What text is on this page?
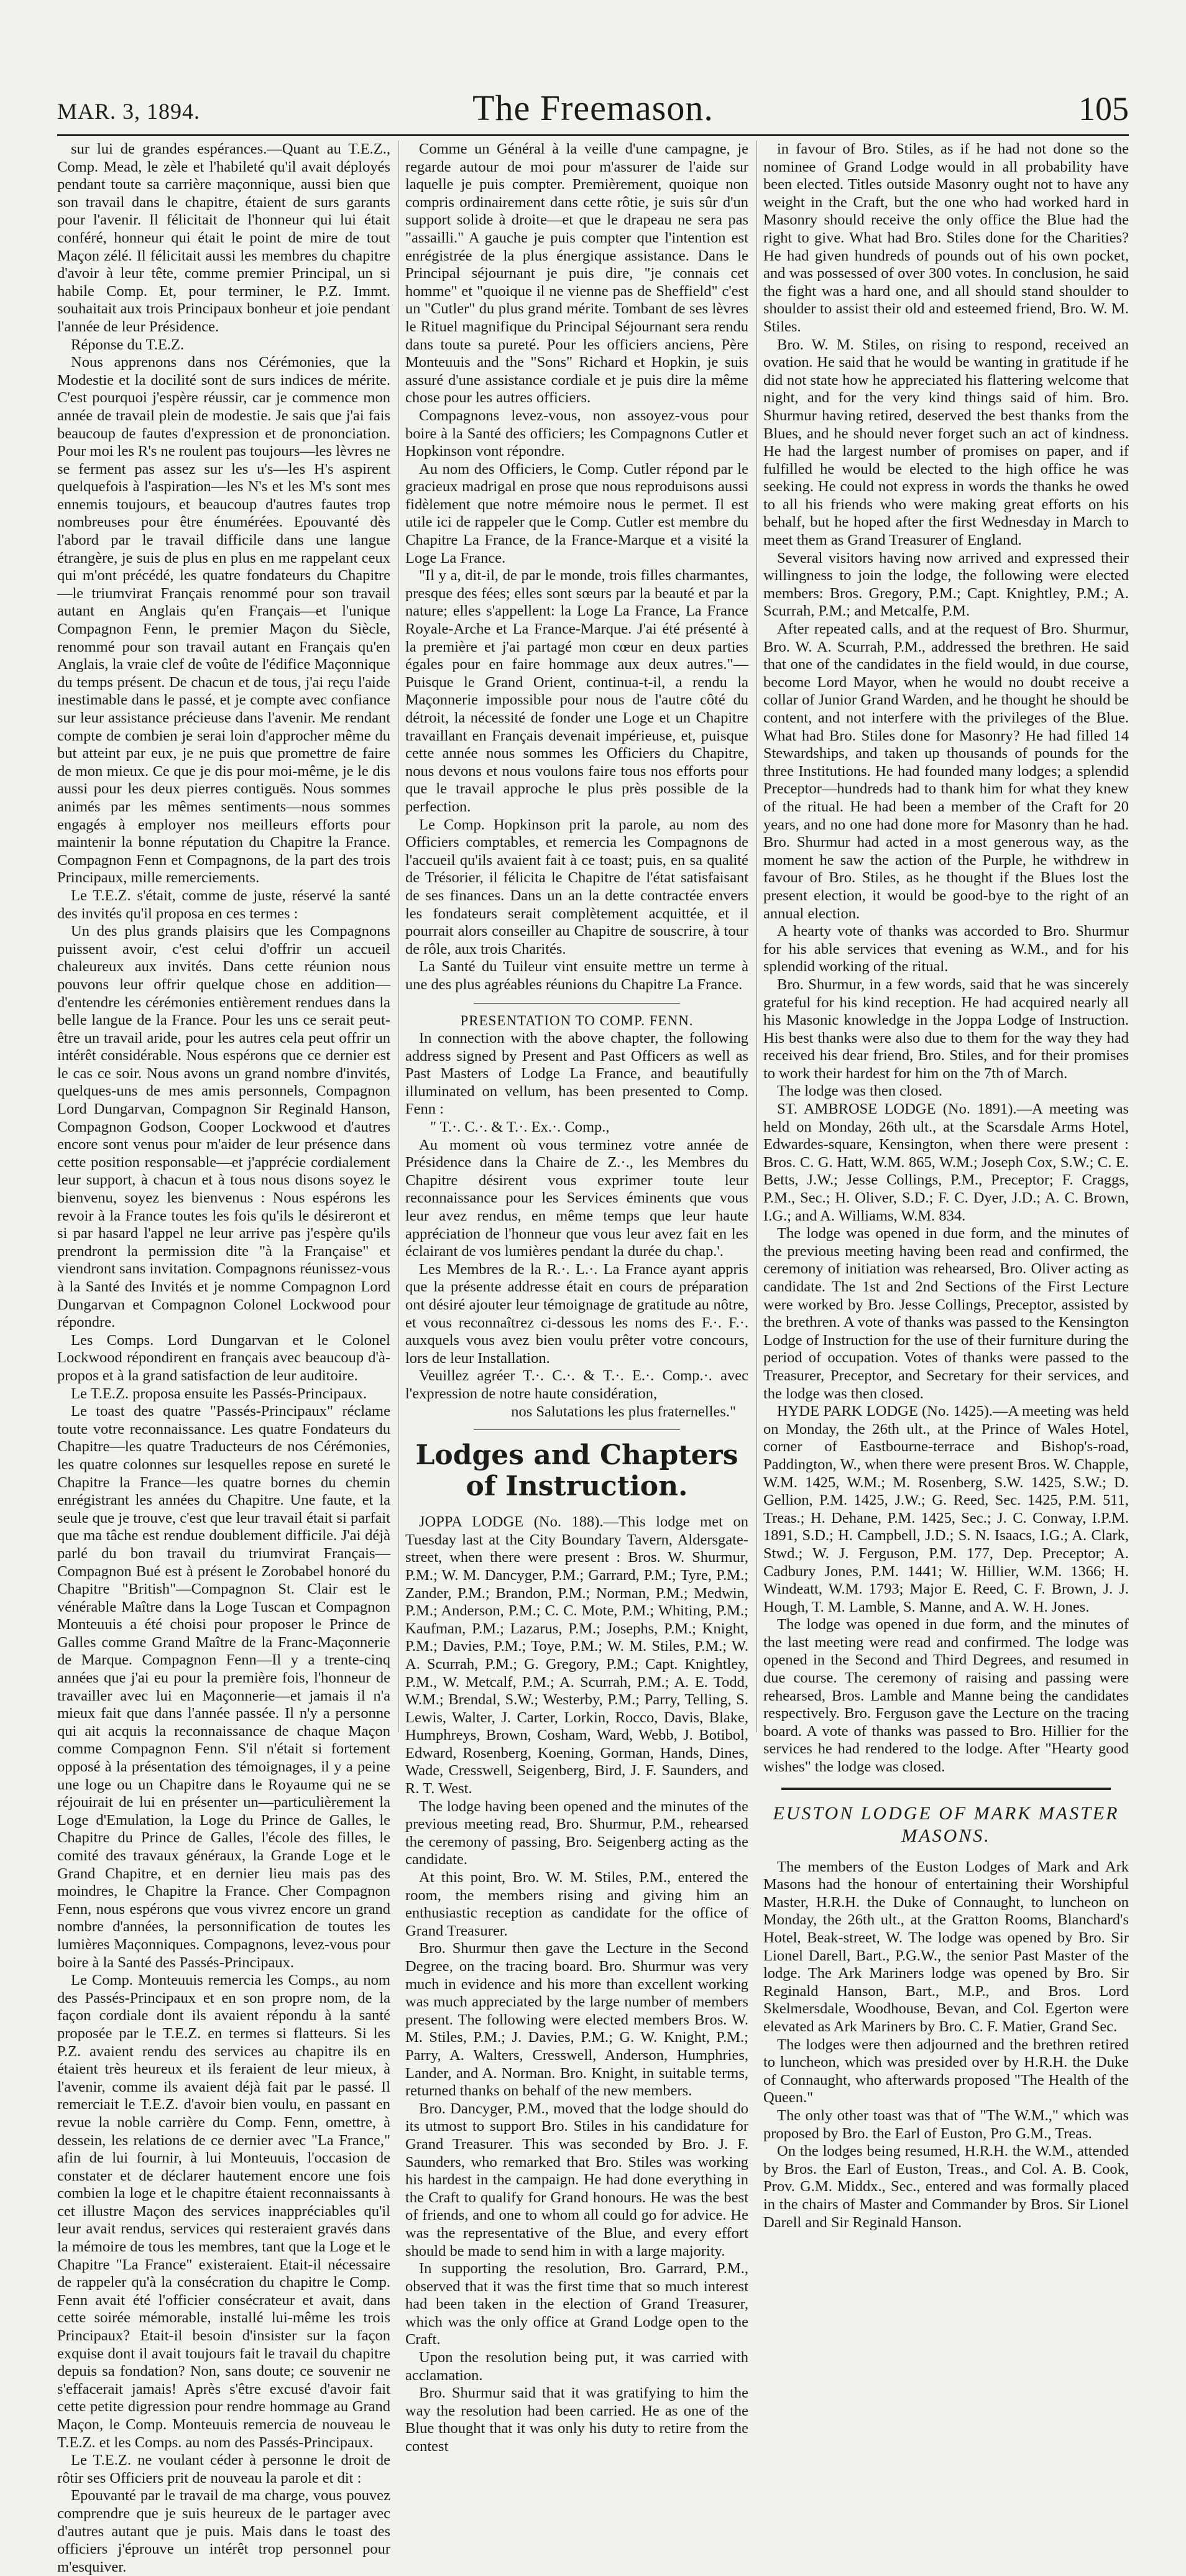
MAR. 3, 1894.	The Freemason.	105

sur lui de grandes espérances.—Quant au T.E.Z., Comp. Mead, le zèle et l'habileté qu'il avait déployés pendant toute sa carrière maçonnique, aussi bien que son travail dans le chapitre, étaient de surs garants pour l'avenir. Il félicitait de l'honneur qui lui était conféré, honneur qui était le point de mire de tout Maçon zélé. Il félicitait aussi les membres du chapitre d'avoir à leur tête, comme premier Principal, un si habile Comp. Et, pour terminer, le P.Z. Immt. souhaitait aux trois Principaux bonheur et joie pendant l'année de leur Présidence.

Réponse du T.E.Z.

Nous apprenons dans nos Cérémonies, que la Modestie et la docilité sont de surs indices de mérite. C'est pourquoi j'espère réussir, car je commence mon année de travail plein de modestie. Je sais que j'ai fais beaucoup de fautes d'expression et de prononciation. Pour moi les R's ne roulent pas toujours—les lèvres ne se ferment pas assez sur les u's—les H's aspirent quelquefois à l'aspiration—les N's et les M's sont mes ennemis toujours, et beaucoup d'autres fautes trop nombreuses pour être énumérées. Epouvanté dès l'abord par le travail difficile dans une langue étrangère, je suis de plus en plus en me rappelant ceux qui m'ont précédé, les quatre fondateurs du Chapitre—le triumvirat Français renommé pour son travail autant en Anglais qu'en Français—et l'unique Compagnon Fenn, le premier Maçon du Siècle, renommé pour son travail autant en Français qu'en Anglais, la vraie clef de voûte de l'édifice Maçonnique du temps présent. De chacun et de tous, j'ai reçu l'aide inestimable dans le passé, et je compte avec confiance sur leur assistance précieuse dans l'avenir. Me rendant compte de combien je serai loin d'approcher même du but atteint par eux, je ne puis que promettre de faire de mon mieux. Ce que je dis pour moi-même, je le dis aussi pour les deux pierres contiguës. Nous sommes animés par les mêmes sentiments—nous sommes engagés à employer nos meilleurs efforts pour maintenir la bonne réputation du Chapitre la France. Compagnon Fenn et Compagnons, de la part des trois Principaux, mille remerciements.

Le T.E.Z. s'était, comme de juste, réservé la santé des invités qu'il proposa en ces termes :

Un des plus grands plaisirs que les Compagnons puissent avoir, c'est celui d'offrir un accueil chaleureux aux invités. Dans cette réunion nous pouvons leur offrir quelque chose en addition—d'entendre les cérémonies entièrement rendues dans la belle langue de la France. Pour les uns ce serait peut-être un travail aride, pour les autres cela peut offrir un intérêt considérable. Nous espérons que ce dernier est le cas ce soir. Nous avons un grand nombre d'invités, quelques-uns de mes amis personnels, Compagnon Lord Dungarvan, Compagnon Sir Reginald Hanson, Compagnon Godson, Cooper Lockwood et d'autres encore sont venus pour m'aider de leur présence dans cette position responsable—et j'apprécie cordialement leur support, à chacun et à tous nous disons soyez le bienvenu, soyez les bienvenus : Nous espérons les revoir à la France toutes les fois qu'ils le désireront et si par hasard l'appel ne leur arrive pas j'espère qu'ils prendront la permission dite "à la Française" et viendront sans invitation. Compagnons réunissez-vous à la Santé des Invités et je nomme Compagnon Lord Dungarvan et Compagnon Colonel Lockwood pour répondre.

Les Comps. Lord Dungarvan et le Colonel Lockwood répondirent en français avec beaucoup d'à-propos et à la grand satisfaction de leur auditoire.

Le T.E.Z. proposa ensuite les Passés-Principaux.

Le toast des quatre "Passés-Principaux" réclame toute votre reconnaissance. Les quatre Fondateurs du Chapitre—les quatre Traducteurs de nos Cérémonies, les quatre colonnes sur lesquelles repose en sureté le Chapitre la France—les quatre bornes du chemin enrégistrant les années du Chapitre. Une faute, et la seule que je trouve, c'est que leur travail était si parfait que ma tâche est rendue doublement difficile. J'ai déjà parlé du bon travail du triumvirat Français—Compagnon Bué est à présent le Zorobabel honoré du Chapitre "British"—Compagnon St. Clair est le vénérable Maître dans la Loge Tuscan et Compagnon Monteuuis a été choisi pour proposer le Prince de Galles comme Grand Maître de la Franc-Maçonnerie de Marque. Compagnon Fenn—Il y a trente-cinq années que j'ai eu pour la première fois, l'honneur de travailler avec lui en Maçonnerie—et jamais il n'a mieux fait que dans l'année passée. Il n'y a personne qui ait acquis la reconnaissance de chaque Maçon comme Compagnon Fenn. S'il n'était si fortement opposé à la présentation des témoignages, il y a peine une loge ou un Chapitre dans le Royaume qui ne se réjouirait de lui en présenter un—particulièrement la Loge d'Emulation, la Loge du Prince de Galles, le Chapitre du Prince de Galles, l'école des filles, le comité des travaux généraux, la Grande Loge et le Grand Chapitre, et en dernier lieu mais pas des moindres, le Chapitre la France. Cher Compagnon Fenn, nous espérons que vous vivrez encore un grand nombre d'années, la personnification de toutes les lumières Maçonniques. Compagnons, levez-vous pour boire à la Santé des Passés-Principaux.

Le Comp. Monteuuis remercia les Comps., au nom des Passés-Principaux et en son propre nom, de la façon cordiale dont ils avaient répondu à la santé proposée par le T.E.Z. en termes si flatteurs. Si les P.Z. avaient rendu des services au chapitre ils en étaient très heureux et ils feraient de leur mieux, à l'avenir, comme ils avaient déjà fait par le passé. Il remerciait le T.E.Z. d'avoir bien voulu, en passant en revue la noble carrière du Comp. Fenn, omettre, à dessein, les relations de ce dernier avec "La France," afin de lui fournir, à lui Monteuuis, l'occasion de constater et de déclarer hautement encore une fois combien la loge et le chapitre étaient reconnaissants à cet illustre Maçon des services inappréciables qu'il leur avait rendus, services qui resteraient gravés dans la mémoire de tous les membres, tant que la Loge et le Chapitre "La France" existeraient. Etait-il nécessaire de rappeler qu'à la consécration du chapitre le Comp. Fenn avait été l'officier consécrateur et avait, dans cette soirée mémorable, installé lui-même les trois Principaux? Etait-il besoin d'insister sur la façon exquise dont il avait toujours fait le travail du chapitre depuis sa fondation? Non, sans doute; ce souvenir ne s'effacerait jamais! Après s'être excusé d'avoir fait cette petite digression pour rendre hommage au Grand Maçon, le Comp. Monteuuis remercia de nouveau le T.E.Z. et les Comps. au nom des Passés-Principaux.

Le T.E.Z. ne voulant céder à personne le droit de rôtir ses Officiers prit de nouveau la parole et dit :

Epouvanté par le travail de ma charge, vous pouvez comprendre que je suis heureux de le partager avec d'autres autant que je puis. Mais dans le toast des officiers j'éprouve un intérêt trop personnel pour m'esquiver.

Comme un Général à la veille d'une campagne, je regarde autour de moi pour m'assurer de l'aide sur laquelle je puis compter. Premièrement, quoique non compris ordinairement dans cette rôtie, je suis sûr d'un support solide à droite—et que le drapeau ne sera pas "assailli." A gauche je puis compter que l'intention est enrégistrée de la plus énergique assistance. Dans le Principal séjournant je puis dire, "je connais cet homme" et "quoique il ne vienne pas de Sheffield" c'est un "Cutler" du plus grand mérite. Tombant de ses lèvres le Rituel magnifique du Principal Séjournant sera rendu dans toute sa pureté. Pour les officiers anciens, Père Monteuuis and the "Sons" Richard et Hopkin, je suis assuré d'une assistance cordiale et je puis dire la même chose pour les autres officiers.

Compagnons levez-vous, non assoyez-vous pour boire à la Santé des officiers; les Compagnons Cutler et Hopkinson vont répondre.

Au nom des Officiers, le Comp. Cutler répond par le gracieux madrigal en prose que nous reproduisons aussi fidèlement que notre mémoire nous le permet. Il est utile ici de rappeler que le Comp. Cutler est membre du Chapitre La France, de la France-Marque et a visité la Loge La France.

"Il y a, dit-il, de par le monde, trois filles charmantes, presque des fées; elles sont sœurs par la beauté et par la nature; elles s'appellent: la Loge La France, La France Royale-Arche et La France-Marque. J'ai été présenté à la première et j'ai partagé mon cœur en deux parties égales pour en faire hommage aux deux autres."—Puisque le Grand Orient, continua-t-il, a rendu la Maçonnerie impossible pour nous de l'autre côté du détroit, la nécessité de fonder une Loge et un Chapitre travaillant en Français devenait impérieuse, et, puisque cette année nous sommes les Officiers du Chapitre, nous devons et nous voulons faire tous nos efforts pour que le travail approche le plus près possible de la perfection.

Le Comp. Hopkinson prit la parole, au nom des Officiers comptables, et remercia les Compagnons de l'accueil qu'ils avaient fait à ce toast; puis, en sa qualité de Trésorier, il félicita le Chapitre de l'état satisfaisant de ses finances. Dans un an la dette contractée envers les fondateurs serait complètement acquittée, et il pourrait alors conseiller au Chapitre de souscrire, à tour de rôle, aux trois Charités.

La Santé du Tuileur vint ensuite mettre un terme à une des plus agréables réunions du Chapitre La France.

PRESENTATION TO COMP. FENN.

In connection with the above chapter, the following address signed by Present and Past Officers as well as Past Masters of Lodge La France, and beautifully illuminated on vellum, has been presented to Comp. Fenn :

" T.·. C.·. & T.·. Ex.·. Comp.,

Au moment où vous terminez votre année de Présidence dans la Chaire de Z.·., les Membres du Chapitre désirent vous exprimer toute leur reconnaissance pour les Services éminents que vous leur avez rendus, en même temps que leur haute appréciation de l'honneur que vous leur avez fait en les éclairant de vos lumières pendant la durée du chap.'.

Les Membres de la R.·. L.·. La France ayant appris que la présente addresse était en cours de préparation ont désiré ajouter leur témoignage de gratitude au nôtre, et vous reconnaîtrez ci-dessous les noms des F.·. F.·. auxquels vous avez bien voulu prêter votre concours, lors de leur Installation.

Veuillez agréer T.·. C.·. & T.·. E.·. Comp.·. avec l'expression de notre haute considération,

nos Salutations les plus fraternelles."

Lodges and Chapters of Instruction.

JOPPA LODGE (No. 188).—This lodge met on Tuesday last at the City Boundary Tavern, Aldersgate-street, when there were present : Bros. W. Shurmur, P.M.; W. M. Dancyger, P.M.; Garrard, P.M.; Tyre, P.M.; Zander, P.M.; Brandon, P.M.; Norman, P.M.; Medwin, P.M.; Anderson, P.M.; C. C. Mote, P.M.; Whiting, P.M.; Kaufman, P.M.; Lazarus, P.M.; Josephs, P.M.; Knight, P.M.; Davies, P.M.; Toye, P.M.; W. M. Stiles, P.M.; W. A. Scurrah, P.M.; G. Gregory, P.M.; Capt. Knightley, P.M., W. Metcalf, P.M.; A. Scurrah, P.M.; A. E. Todd, W.M.; Brendal, S.W.; Westerby, P.M.; Parry, Telling, S. Lewis, Walter, J. Carter, Lorkin, Rocco, Davis, Blake, Humphreys, Brown, Cosham, Ward, Webb, J. Botibol, Edward, Rosenberg, Koening, Gorman, Hands, Dines, Wade, Cresswell, Seigenberg, Bird, J. F. Saunders, and R. T. West.

The lodge having been opened and the minutes of the previous meeting read, Bro. Shurmur, P.M., rehearsed the ceremony of passing, Bro. Seigenberg acting as the candidate.

At this point, Bro. W. M. Stiles, P.M., entered the room, the members rising and giving him an enthusiastic reception as candidate for the office of Grand Treasurer.

Bro. Shurmur then gave the Lecture in the Second Degree, on the tracing board. Bro. Shurmur was very much in evidence and his more than excellent working was much appreciated by the large number of members present. The following were elected members Bros. W. M. Stiles, P.M.; J. Davies, P.M.; G. W. Knight, P.M.; Parry, A. Walters, Cresswell, Anderson, Humphries, Lander, and A. Norman. Bro. Knight, in suitable terms, returned thanks on behalf of the new members.

Bro. Dancyger, P.M., moved that the lodge should do its utmost to support Bro. Stiles in his candidature for Grand Treasurer. This was seconded by Bro. J. F. Saunders, who remarked that Bro. Stiles was working his hardest in the campaign. He had done everything in the Craft to qualify for Grand honours. He was the best of friends, and one to whom all could go for advice. He was the representative of the Blue, and every effort should be made to send him in with a large majority.

In supporting the resolution, Bro. Garrard, P.M., observed that it was the first time that so much interest had been taken in the election of Grand Treasurer, which was the only office at Grand Lodge open to the Craft.

Upon the resolution being put, it was carried with acclamation.

Bro. Shurmur said that it was gratifying to him the way the resolution had been carried. He as one of the Blue thought that it was only his duty to retire from the contest

in favour of Bro. Stiles, as if he had not done so the nominee of Grand Lodge would in all probability have been elected. Titles outside Masonry ought not to have any weight in the Craft, but the one who had worked hard in Masonry should receive the only office the Blue had the right to give. What had Bro. Stiles done for the Charities? He had given hundreds of pounds out of his own pocket, and was possessed of over 300 votes. In conclusion, he said the fight was a hard one, and all should stand shoulder to shoulder to assist their old and esteemed friend, Bro. W. M. Stiles.

Bro. W. M. Stiles, on rising to respond, received an ovation. He said that he would be wanting in gratitude if he did not state how he appreciated his flattering welcome that night, and for the very kind things said of him. Bro. Shurmur having retired, deserved the best thanks from the Blues, and he should never forget such an act of kindness. He had the largest number of promises on paper, and if fulfilled he would be elected to the high office he was seeking. He could not express in words the thanks he owed to all his friends who were making great efforts on his behalf, but he hoped after the first Wednesday in March to meet them as Grand Treasurer of England.

Several visitors having now arrived and expressed their willingness to join the lodge, the following were elected members: Bros. Gregory, P.M.; Capt. Knightley, P.M.; A. Scurrah, P.M.; and Metcalfe, P.M.

After repeated calls, and at the request of Bro. Shurmur, Bro. W. A. Scurrah, P.M., addressed the brethren. He said that one of the candidates in the field would, in due course, become Lord Mayor, when he would no doubt receive a collar of Junior Grand Warden, and he thought he should be content, and not interfere with the privileges of the Blue. What had Bro. Stiles done for Masonry? He had filled 14 Stewardships, and taken up thousands of pounds for the three Institutions. He had founded many lodges; a splendid Preceptor—hundreds had to thank him for what they knew of the ritual. He had been a member of the Craft for 20 years, and no one had done more for Masonry than he had. Bro. Shurmur had acted in a most generous way, as the moment he saw the action of the Purple, he withdrew in favour of Bro. Stiles, as he thought if the Blues lost the present election, it would be good-bye to the right of an annual election.

A hearty vote of thanks was accorded to Bro. Shurmur for his able services that evening as W.M., and for his splendid working of the ritual.

Bro. Shurmur, in a few words, said that he was sincerely grateful for his kind reception. He had acquired nearly all his Masonic knowledge in the Joppa Lodge of Instruction. His best thanks were also due to them for the way they had received his dear friend, Bro. Stiles, and for their promises to work their hardest for him on the 7th of March.

The lodge was then closed.

ST. AMBROSE LODGE (No. 1891).—A meeting was held on Monday, 26th ult., at the Scarsdale Arms Hotel, Edwardes-square, Kensington, when there were present : Bros. C. G. Hatt, W.M. 865, W.M.; Joseph Cox, S.W.; C. E. Betts, J.W.; Jesse Collings, P.M., Preceptor; F. Craggs, P.M., Sec.; H. Oliver, S.D.; F. C. Dyer, J.D.; A. C. Brown, I.G.; and A. Williams, W.M. 834.

The lodge was opened in due form, and the minutes of the previous meeting having been read and confirmed, the ceremony of initiation was rehearsed, Bro. Oliver acting as candidate. The 1st and 2nd Sections of the First Lecture were worked by Bro. Jesse Collings, Preceptor, assisted by the brethren. A vote of thanks was passed to the Kensington Lodge of Instruction for the use of their furniture during the period of occupation. Votes of thanks were passed to the Treasurer, Preceptor, and Secretary for their services, and the lodge was then closed.

HYDE PARK LODGE (No. 1425).—A meeting was held on Monday, the 26th ult., at the Prince of Wales Hotel, corner of Eastbourne-terrace and Bishop's-road, Paddington, W., when there were present Bros. W. Chapple, W.M. 1425, W.M.; M. Rosenberg, S.W. 1425, S.W.; D. Gellion, P.M. 1425, J.W.; G. Reed, Sec. 1425, P.M. 511, Treas.; H. Dehane, P.M. 1425, Sec.; J. C. Conway, I.P.M. 1891, S.D.; H. Campbell, J.D.; S. N. Isaacs, I.G.; A. Clark, Stwd.; W. J. Ferguson, P.M. 177, Dep. Preceptor; A. Cadbury Jones, P.M. 1441; W. Hillier, W.M. 1366; H. Windeatt, W.M. 1793; Major E. Reed, C. F. Brown, J. J. Hough, T. M. Lamble, S. Manne, and A. W. H. Jones.

The lodge was opened in due form, and the minutes of the last meeting were read and confirmed. The lodge was opened in the Second and Third Degrees, and resumed in due course. The ceremony of raising and passing were rehearsed, Bros. Lamble and Manne being the candidates respectively. Bro. Ferguson gave the Lecture on the tracing board. A vote of thanks was passed to Bro. Hillier for the services he had rendered to the lodge. After "Hearty good wishes" the lodge was closed.

EUSTON LODGE OF MARK MASTER MASONS.

The members of the Euston Lodges of Mark and Ark Masons had the honour of entertaining their Worshipful Master, H.R.H. the Duke of Connaught, to luncheon on Monday, the 26th ult., at the Gratton Rooms, Blanchard's Hotel, Beak-street, W. The lodge was opened by Bro. Sir Lionel Darell, Bart., P.G.W., the senior Past Master of the lodge. The Ark Mariners lodge was opened by Bro. Sir Reginald Hanson, Bart., M.P., and Bros. Lord Skelmersdale, Woodhouse, Bevan, and Col. Egerton were elevated as Ark Mariners by Bro. C. F. Matier, Grand Sec.

The lodges were then adjourned and the brethren retired to luncheon, which was presided over by H.R.H. the Duke of Connaught, who afterwards proposed "The Health of the Queen."

The only other toast was that of "The W.M.," which was proposed by Bro. the Earl of Euston, Pro G.M., Treas.

On the lodges being resumed, H.R.H. the W.M., attended by Bros. the Earl of Euston, Treas., and Col. A. B. Cook, Prov. G.M. Middx., Sec., entered and was formally placed in the chairs of Master and Commander by Bros. Sir Lionel Darell and Sir Reginald Hanson.
